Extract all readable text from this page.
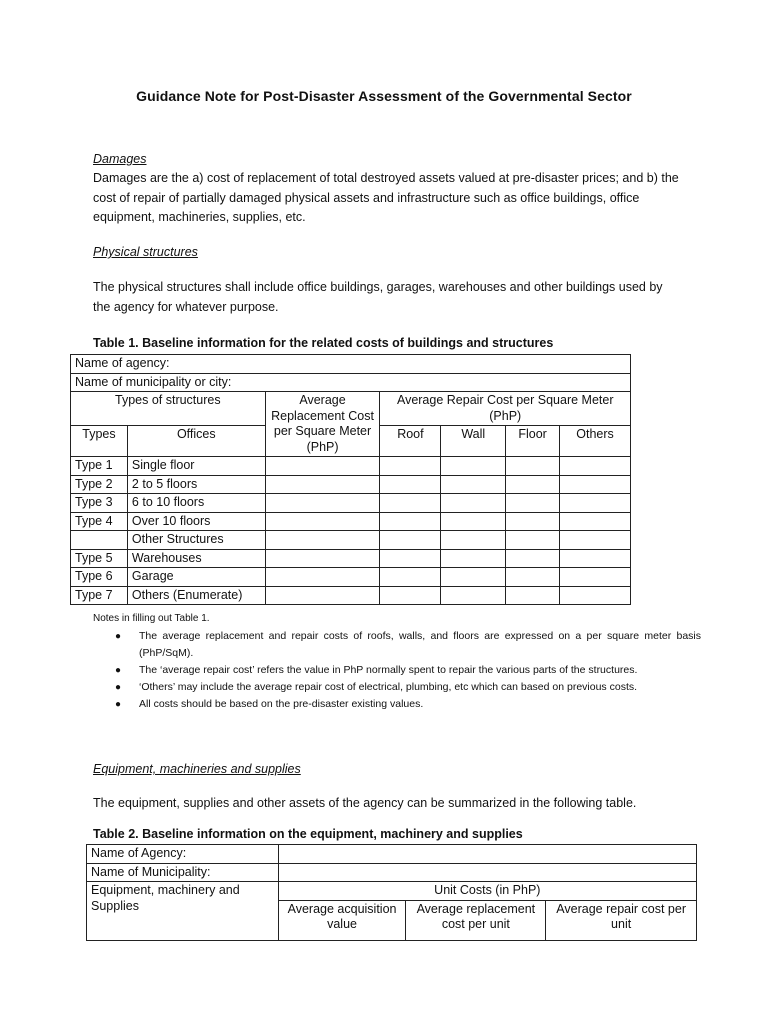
Guidance Note for Post-Disaster Assessment of the Governmental Sector
Damages
Damages are the a) cost of replacement of total destroyed assets valued at pre-disaster prices; and b) the cost of repair of partially damaged physical assets and infrastructure such as office buildings, office equipment, machineries, supplies, etc.
Physical structures
The physical structures shall include office buildings, garages, warehouses and other buildings used by the agency for whatever purpose.
Table 1. Baseline information for the related costs of buildings and structures
Name of agency:						
Name of municipality or city:						
Types of structures		Average Replacement Cost per Square Meter (PhP)	Average Repair Cost per Square Meter (PhP)			
Types	Offices		Roof	Wall	Floor	Others
Type 1	Single floor					
Type 2	2 to 5 floors					
Type 3	6 to 10 floors					
Type 4	Over 10 floors					
	Other Structures					
Type 5	Warehouses					
Type 6	Garage					
Type 7	Others (Enumerate)					
Notes in filling out Table 1.
● The average replacement and repair costs of roofs, walls, and floors are expressed on a per square meter basis (PhP/SqM).
● The ‘average repair cost’ refers the value in PhP normally spent to repair the various parts of the structures.
● ‘Others’ may include the average repair cost of electrical, plumbing, etc which can based on previous costs.
● All costs should be based on the pre-disaster existing values.
Equipment, machineries and supplies
The equipment, supplies and other assets of the agency can be summarized in the following table.
Table 2. Baseline information on the equipment, machinery and supplies
Name of Agency:			
Name of Municipality:			
Equipment, machinery and Supplies	Unit Costs (in PhP)		
	Average acquisition value	Average replacement cost per unit	Average repair cost per unit
